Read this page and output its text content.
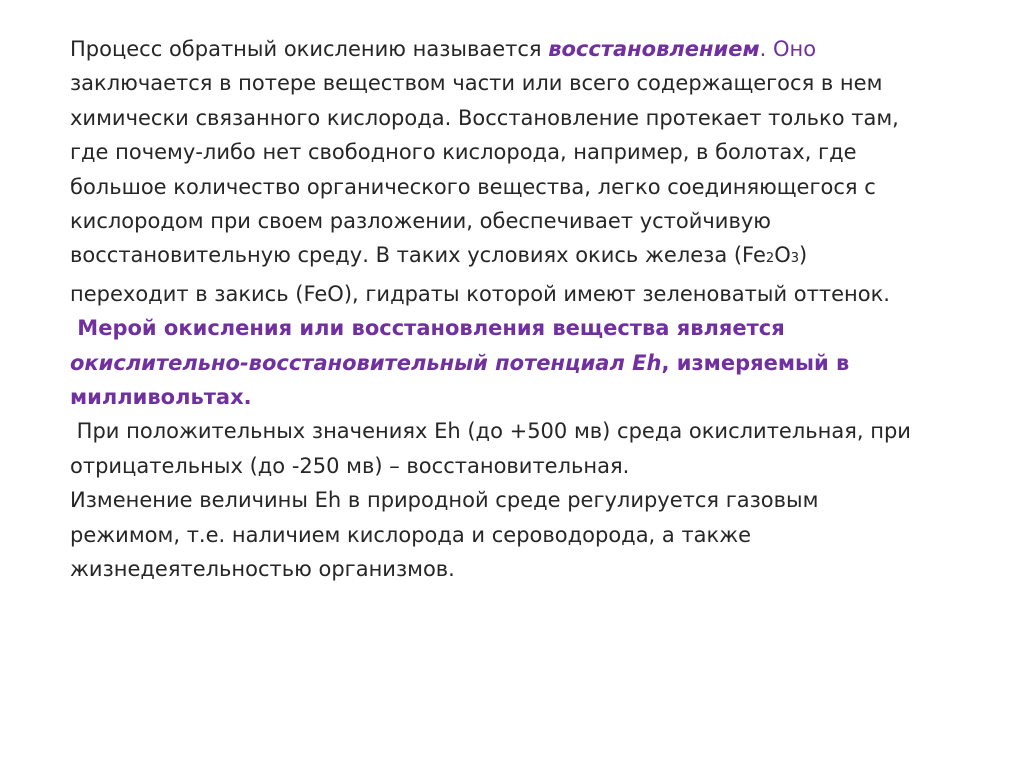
Процесс обратный окислению называется восстановлением. Оно
заключается в потере веществом части или всего содержащегося в нем
химически связанного кислорода. Восстановление протекает только там,
где почему-либо нет свободного кислорода, например, в болотах, где
большое количество органического вещества, легко соединяющегося с
кислородом при своем разложении, обеспечивает устойчивую
восстановительную среду. В таких условиях окись железа (Fe2O3)
переходит в закись (FeO), гидраты которой имеют зеленоватый оттенок.
Мерой окисления или восстановления вещества является
окислительно-восстановительный потенциал Eh, измеряемый в
милливольтах.
При положительных значениях Eh (до +500 мв) среда окислительная, при
отрицательных (до -250 мв) – восстановительная.
Изменение величины Eh в природной среде регулируется газовым
режимом, т.е. наличием кислорода и сероводорода, а также
жизнедеятельностью организмов.
